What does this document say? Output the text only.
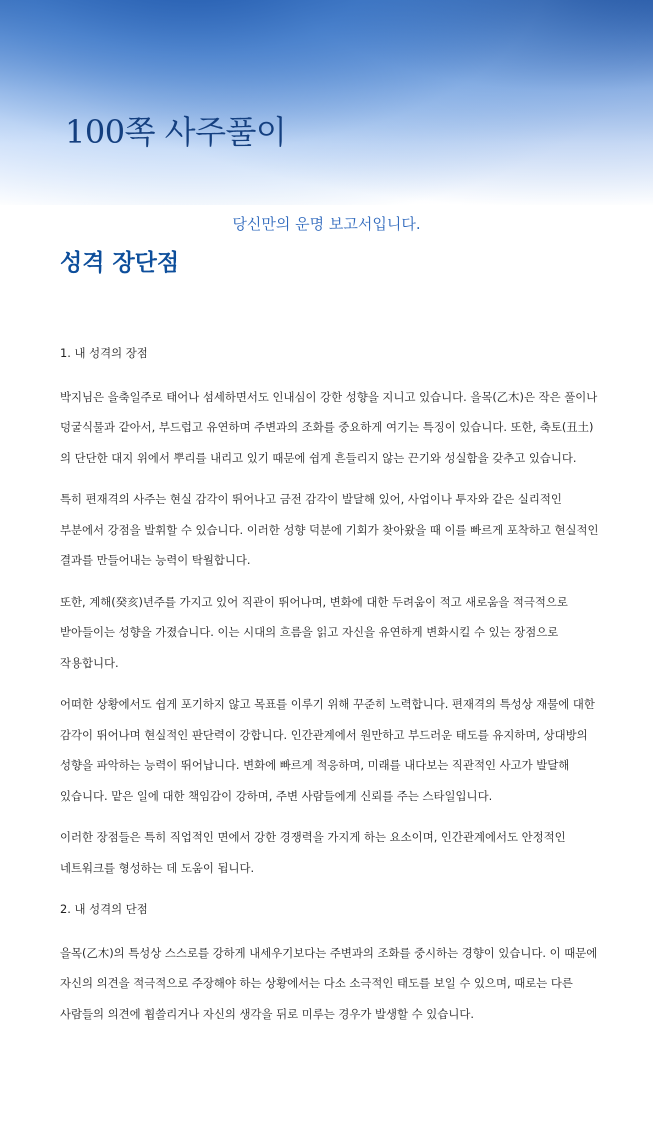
100쪽 사주풀이
당신만의 운명 보고서입니다.
성격 장단점

1. 내 성격의 장점

박지님은 을축일주로 태어나 섬세하면서도 인내심이 강한 성향을 지니고 있습니다. 을목(乙木)은 작은 풀이나 덩굴식물과 같아서, 부드럽고 유연하며 주변과의 조화를 중요하게 여기는 특징이 있습니다. 또한, 축토(丑土)의 단단한 대지 위에서 뿌리를 내리고 있기 때문에 쉽게 흔들리지 않는 끈기와 성실함을 갖추고 있습니다.

특히 편재격의 사주는 현실 감각이 뛰어나고 금전 감각이 발달해 있어, 사업이나 투자와 같은 실리적인 부분에서 강점을 발휘할 수 있습니다. 이러한 성향 덕분에 기회가 찾아왔을 때 이를 빠르게 포착하고 현실적인 결과를 만들어내는 능력이 탁월합니다.

또한, 계해(癸亥)년주를 가지고 있어 직관이 뛰어나며, 변화에 대한 두려움이 적고 새로움을 적극적으로 받아들이는 성향을 가졌습니다. 이는 시대의 흐름을 읽고 자신을 유연하게 변화시킬 수 있는 장점으로 작용합니다.

어떠한 상황에서도 쉽게 포기하지 않고 목표를 이루기 위해 꾸준히 노력합니다. 편재격의 특성상 재물에 대한 감각이 뛰어나며 현실적인 판단력이 강합니다. 인간관계에서 원만하고 부드러운 태도를 유지하며, 상대방의 성향을 파악하는 능력이 뛰어납니다. 변화에 빠르게 적응하며, 미래를 내다보는 직관적인 사고가 발달해 있습니다. 맡은 일에 대한 책임감이 강하며, 주변 사람들에게 신뢰를 주는 스타일입니다.

이러한 장점들은 특히 직업적인 면에서 강한 경쟁력을 가지게 하는 요소이며, 인간관계에서도 안정적인 네트워크를 형성하는 데 도움이 됩니다.

2. 내 성격의 단점

을목(乙木)의 특성상 스스로를 강하게 내세우기보다는 주변과의 조화를 중시하는 경향이 있습니다. 이 때문에 자신의 의견을 적극적으로 주장해야 하는 상황에서는 다소 소극적인 태도를 보일 수 있으며, 때로는 다른 사람들의 의견에 휩쓸리거나 자신의 생각을 뒤로 미루는 경우가 발생할 수 있습니다.
